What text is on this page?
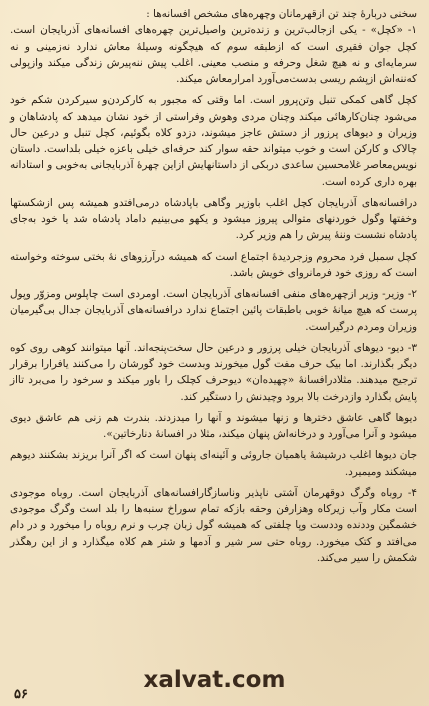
سخنی درباره‌ٔ چند تن ازقهرمانان وچهره‌های مشخص افسانه‌ها :

۱- «کچل» - یکی ازجالب‌ترین و زنده‌ترین واصیل‌ترین چهره‌های افسانه‌های آذربایجان است. کچل جوان فقیری است که ازطبقه سوم که هیچگونه وسیلهٔ معاش ندارد نه‌زمینی و نه سرمایه‌ای و نه هیچ شغل وحرفه و منصب معینی. اغلب پیش ننه‌پیرش زندگی میکند وازپولی که‌ننه‌اش ازپشم ریسی بدست‌می‌آورد امرارمعاش میکند.

کچل گاهی کمکی تنبل وتن‌پرور است. اما وقتی که مجبور به کارکردن‌و سیرکردن شکم خود می‌شود چنان‌کارهائی میکند وچنان مردی وهوش وفراستی از خود نشان میدهد که پادشاهان و وزیران و دیوهای پرزور از دستش عاجز میشوند، دزدو کلاه بگوئیم، کچل تنبل و درعین حال چالاک و کارکن است و خوب میتواند حقه سوار کند حرفه‌ای خیلی باعزه خیلی بلداست. داستان نویس‌معاصر غلامحسین ساعدی دربکی از داستانهایش ازاین چهرهٔ آذربایجانی به‌خوبی و استادانه بهره داری کرده است.

درافسانه‌های آذربایجان کچل اغلب باوزیر وگاهی باپادشاه درمی‌افتدو همیشه پس ازشکستها وخفتها وگول خوردنهای متوالی پیروز میشود و یکهو می‌بینیم داماد پادشاه شد یا خود به‌جای پادشاه نشست وننهٔ پیرش را هم وزیر کرد.

کچل سمبل فرد محروم وزجردیدهٔ اجتماع است که همیشه درآرزوهای نهٔ بختی سوخته وخواسته است که روزی خود فرمانروای خویش باشد.

۲- وزیر- وزیر ازچهره‌های منفی افسانه‌های آذربایجان است. اومردی است چاپلوس ومزوّر وپول پرست که هیچ میانهٔ خوبی باطبقات پائین اجتماع ندارد درافسانه‌های آذربایجان جدال بی‌گیرمیان وزیران ومردم درگیراست.

۳- دیو- دیوهای آذربایجان خیلی پرزور و درعین حال سخت‌پنجه‌اند. آنها میتوانند کوهی روی کوه دیگر بگذارند. اما بیک حرف مفت گول میخورند وبدست خود گورشان را می‌کنند یافرارا برقرار ترجیح میدهند. مثلادرافسانهٔ «چهیده‌ان» دیوحرف کچلک را باور میکند و سرخود را می‌برد تااز پایش بگذارد وازدرخت بالا برود وچیدنش را دستگیر کند.

دیوها گاهی عاشق دختر‌ها و زنها میشوند و آنها را میدزدند. بندرت هم زنی هم عاشق دیوی میشود و آنرا می‌آورد و درخانه‌اش پنهان میکند، مثلا در افسانهٔ دنارخاتین».

جان دیوها اغلب درشیشهٔ یاهمیان جاروئی و آئینه‌ای پنهان است که اگر آنرا بریزند بشکنند دیوهم میشکند ومیمیرد.

۴- روباه وگرگ دوقهرمان آشتی ناپذیر وناسازگارافسانه‌های آذربایجان است. روباه موجودی است مکار وآب زیرکاه وهزارفن وحقه بازکه تمام سوراخ سنبه‌ها را بلد است وگرگ موجودی خشمگین وددنده وددست وپا چلفتی که همیشه گول زبان چرب و نرم روباه را میخورد و در دام می‌افتد و کتک میخورد. روباه حتی سر شیر و آدمها و شتر هم کلاه میگذارد و از این رهگذر شکمش را سیر می‌کند.

xalvat.com
۵۶
